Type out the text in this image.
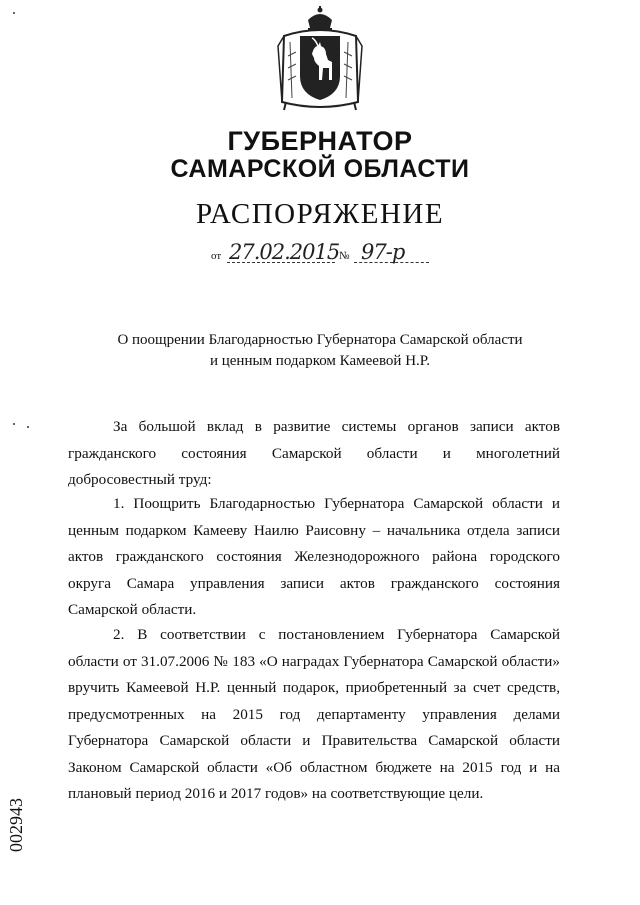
ГУБЕРНАТОР
САМАРСКОЙ ОБЛАСТИ
РАСПОРЯЖЕНИЕ
от 27.02.2015 № 97-р
О поощрении Благодарностью Губернатора Самарской области
и ценным подарком Камеевой Н.Р.

За большой вклад в развитие системы органов записи актов гражданского состояния Самарской области и многолетний добросовестный труд:

1. Поощрить Благодарностью Губернатора Самарской области и ценным подарком Камееву Наилю Раисовну – начальника отдела записи актов гражданского состояния Железнодорожного района городского округа Самара управления записи актов гражданского состояния Самарской области.

2. В соответствии с постановлением Губернатора Самарской области от 31.07.2006 № 183 «О наградах Губернатора Самарской области» вручить Камеевой Н.Р. ценный подарок, приобретенный за счет средств, предусмотренных на 2015 год департаменту управления делами Губернатора Самарской области и Правительства Самарской области Законом Самарской области «Об областном бюджете на 2015 год и на плановый период 2016 и 2017 годов» на соответствующие цели.

002943
